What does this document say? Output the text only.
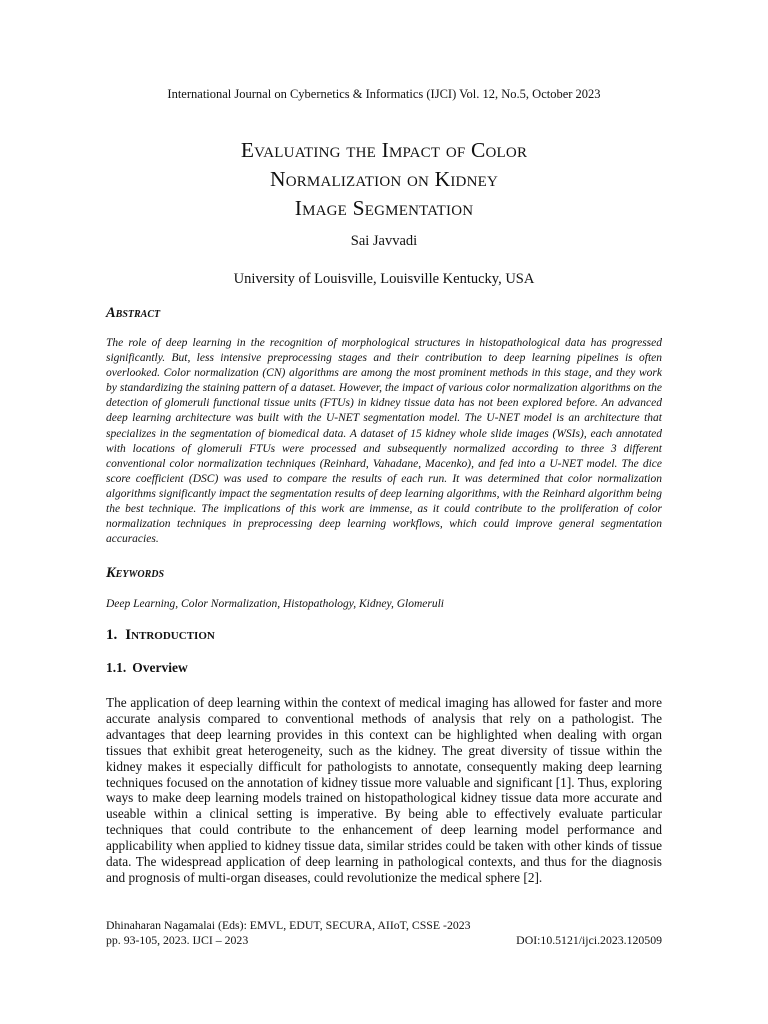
International Journal on Cybernetics & Informatics (IJCI) Vol. 12, No.5, October 2023
Evaluating the Impact of Color
Normalization on Kidney
Image Segmentation
Sai Javvadi
University of Louisville, Louisville Kentucky, USA
Abstract
The role of deep learning in the recognition of morphological structures in histopathological data has progressed significantly. But, less intensive preprocessing stages and their contribution to deep learning pipelines is often overlooked. Color normalization (CN) algorithms are among the most prominent methods in this stage, and they work by standardizing the staining pattern of a dataset. However, the impact of various color normalization algorithms on the detection of glomeruli functional tissue units (FTUs) in kidney tissue data has not been explored before. An advanced deep learning architecture was built with the U-NET segmentation model. The U-NET model is an architecture that specializes in the segmentation of biomedical data. A dataset of 15 kidney whole slide images (WSIs), each annotated with locations of glomeruli FTUs were processed and subsequently normalized according to three 3 different conventional color normalization techniques (Reinhard, Vahadane, Macenko), and fed into a U-NET model. The dice score coefficient (DSC) was used to compare the results of each run. It was determined that color normalization algorithms significantly impact the segmentation results of deep learning algorithms, with the Reinhard algorithm being the best technique. The implications of this work are immense, as it could contribute to the proliferation of color normalization techniques in preprocessing deep learning workflows, which could improve general segmentation accuracies.
Keywords
Deep Learning, Color Normalization, Histopathology, Kidney, Glomeruli
1. Introduction
1.1. Overview
The application of deep learning within the context of medical imaging has allowed for faster and more accurate analysis compared to conventional methods of analysis that rely on a pathologist. The advantages that deep learning provides in this context can be highlighted when dealing with organ tissues that exhibit great heterogeneity, such as the kidney. The great diversity of tissue within the kidney makes it especially difficult for pathologists to annotate, consequently making deep learning techniques focused on the annotation of kidney tissue more valuable and significant [1]. Thus, exploring ways to make deep learning models trained on histopathological kidney tissue data more accurate and useable within a clinical setting is imperative. By being able to effectively evaluate particular techniques that could contribute to the enhancement of deep learning model performance and applicability when applied to kidney tissue data, similar strides could be taken with other kinds of tissue data. The widespread application of deep learning in pathological contexts, and thus for the diagnosis and prognosis of multi-organ diseases, could revolutionize the medical sphere [2].
Dhinaharan Nagamalai (Eds): EMVL, EDUT, SECURA, AIIoT, CSSE -2023
pp. 93-105, 2023. IJCI – 2023	DOI:10.5121/ijci.2023.120509
